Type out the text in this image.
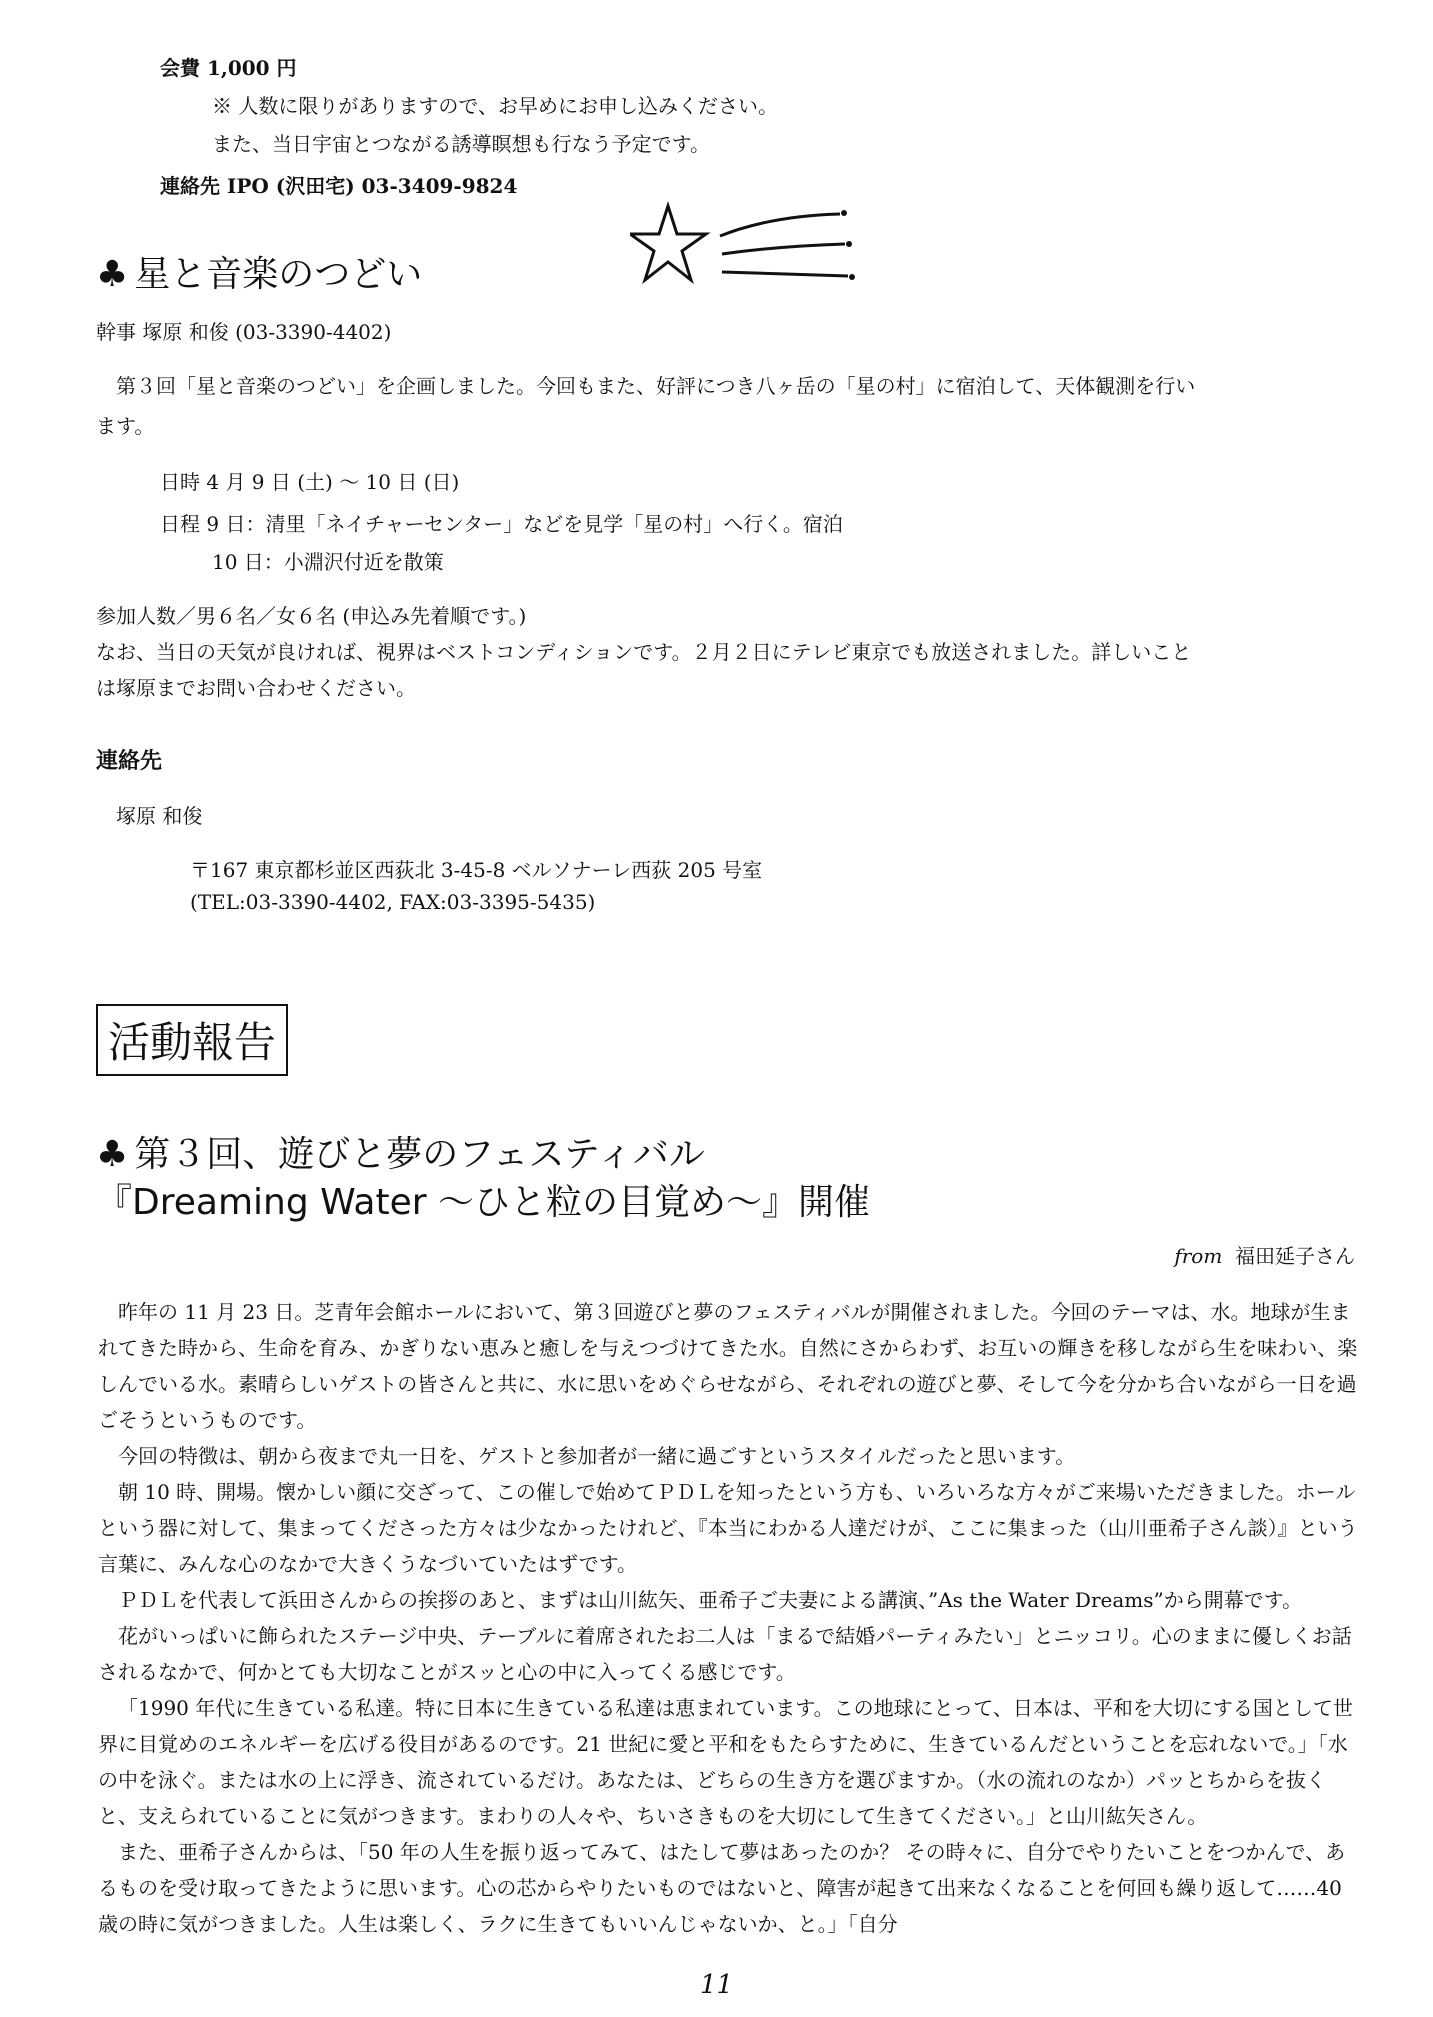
会費 1,000 円
※ 人数に限りがありますので、お早めにお申し込みください。
また、当日宇宙とつながる誘導瞑想も行なう予定です。
連絡先 IPO (沢田宅) 03-3409-9824
♣ 星と音楽のつどい
幹事 塚原 和俊 (03-3390-4402)
第３回「星と音楽のつどい」を企画しました。今回もまた、好評につき八ヶ岳の「星の村」に宿泊して、天体観測を行い
ます。
日時 4 月 9 日 (土) 〜 10 日 (日)
日程 9 日：清里「ネイチャーセンター」などを見学「星の村」へ行く。宿泊
10 日：小淵沢付近を散策
参加人数／男６名／女６名 (申込み先着順です。)
なお、当日の天気が良ければ、視界はベストコンディションです。２月２日にテレビ東京でも放送されました。詳しいこと
は塚原までお問い合わせください。
連絡先
塚原 和俊
〒167 東京都杉並区西荻北 3-45-8 ベルソナーレ西荻 205 号室
(TEL:03-3390-4402, FAX:03-3395-5435)
活動報告
♣ 第３回、遊びと夢のフェスティバル
『Dreaming Water 〜ひと粒の目覚め〜』開催
from 福田延子さん

昨年の 11 月 23 日。芝青年会館ホールにおいて、第３回遊びと夢のフェスティバルが開催されました。今回のテーマは、水。地球が生まれてきた時から、生命を育み、かぎりない恵みと癒しを与えつづけてきた水。自然にさからわず、お互いの輝きを移しながら生を味わい、楽しんでいる水。素晴らしいゲストの皆さんと共に、水に思いをめぐらせながら、それぞれの遊びと夢、そして今を分かち合いながら一日を過ごそうというものです。

今回の特徴は、朝から夜まで丸一日を、ゲストと参加者が一緒に過ごすというスタイルだったと思います。

朝 10 時、開場。懐かしい顔に交ざって、この催しで始めてＰＤＬを知ったという方も、いろいろな方々がご来場いただきました。ホールという器に対して、集まってくださった方々は少なかったけれど、『本当にわかる人達だけが、ここに集まった（山川亜希子さん談）』という言葉に、みんな心のなかで大きくうなづいていたはずです。

ＰＤＬを代表して浜田さんからの挨拶のあと、まずは山川紘矢、亜希子ご夫妻による講演、”As the Water Dreams”から開幕です。

花がいっぱいに飾られたステージ中央、テーブルに着席されたお二人は「まるで結婚パーティみたい」とニッコリ。心のままに優しくお話されるなかで、何かとても大切なことがスッと心の中に入ってくる感じです。

「1990 年代に生きている私達。特に日本に生きている私達は恵まれています。この地球にとって、日本は、平和を大切にする国として世界に目覚めのエネルギーを広げる役目があるのです。21 世紀に愛と平和をもたらすために、生きているんだということを忘れないで。」「水の中を泳ぐ。または水の上に浮き、流されているだけ。あなたは、どちらの生き方を選びますか。（水の流れのなか）パッとちからを抜くと、支えられていることに気がつきます。まわりの人々や、ちいさきものを大切にして生きてください。」と山川紘矢さん。

また、亜希子さんからは、「50 年の人生を振り返ってみて、はたして夢はあったのか？ その時々に、自分でやりたいことをつかんで、あるものを受け取ってきたように思います。心の芯からやりたいものではないと、障害が起きて出来なくなることを何回も繰り返して……40 歳の時に気がつきました。人生は楽しく、ラクに生きてもいいんじゃないか、と。」「自分

11
